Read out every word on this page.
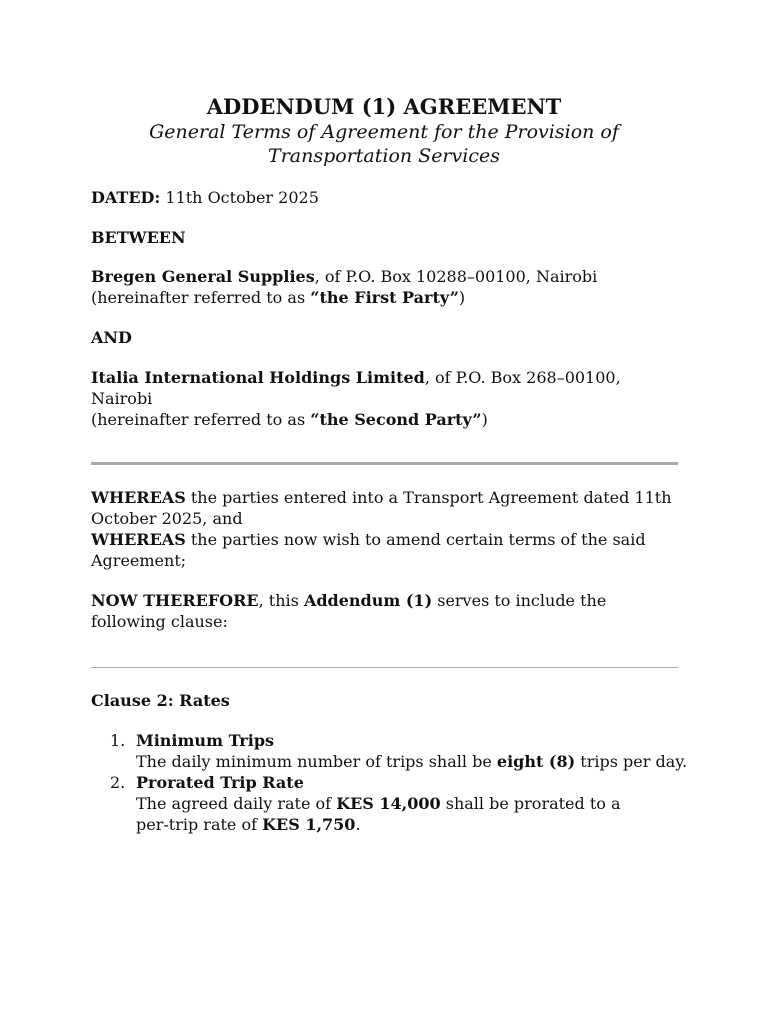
ADDENDUM (1) AGREEMENT

General Terms of Agreement for the Provision of Transportation Services

DATED: 11th October 2025

BETWEEN

Bregen General Supplies, of P.O. Box 10288–00100, Nairobi
(hereinafter referred to as “the First Party”)

AND

Italia International Holdings Limited, of P.O. Box 268–00100, Nairobi
(hereinafter referred to as “the Second Party”)

WHEREAS the parties entered into a Transport Agreement dated 11th October 2025, and
WHEREAS the parties now wish to amend certain terms of the said Agreement;

NOW THEREFORE, this Addendum (1) serves to include the following clause:

Clause 2: Rates

1. Minimum Trips
The daily minimum number of trips shall be eight (8) trips per day.
2. Prorated Trip Rate
The agreed daily rate of KES 14,000 shall be prorated to a per-trip rate of KES 1,750.
